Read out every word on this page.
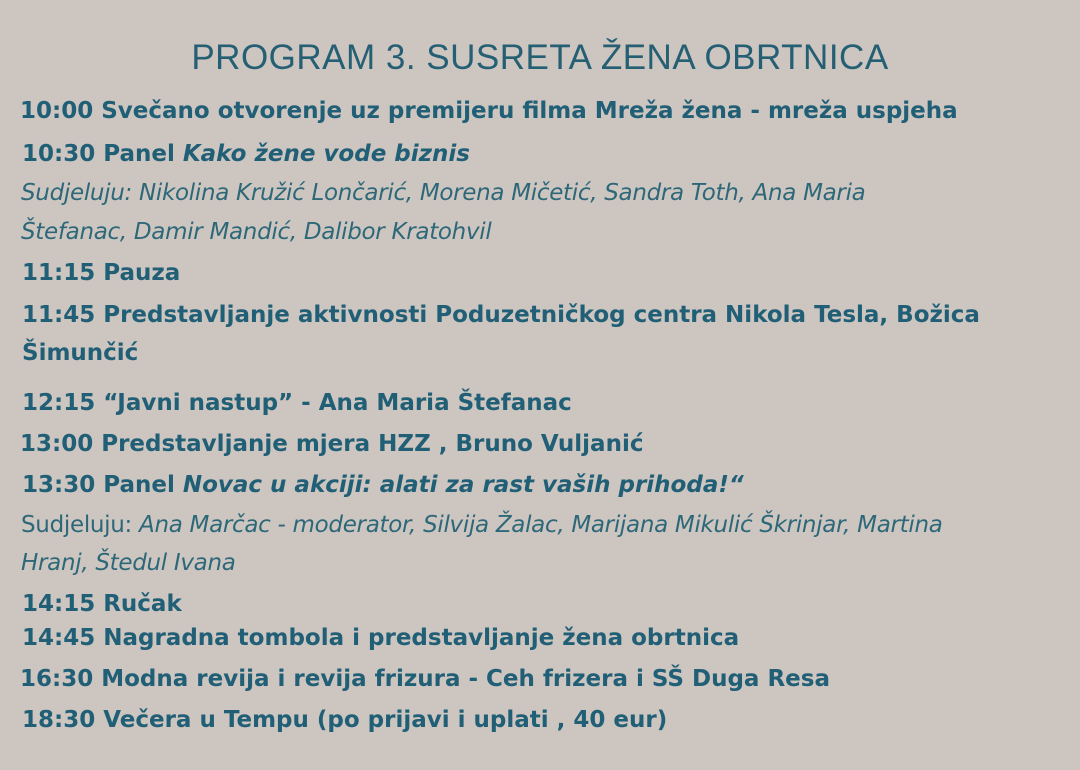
PROGRAM 3. SUSRETA ŽENA OBRTNICA
10:00 Svečano otvorenje uz premijeru filma Mreža žena - mreža uspjeha
10:30 Panel Kako žene vode biznis
Sudjeluju: Nikolina Kružić Lončarić, Morena Mičetić, Sandra Toth, Ana Maria
Štefanac, Damir Mandić, Dalibor Kratohvil
11:15 Pauza
11:45 Predstavljanje aktivnosti Poduzetničkog centra Nikola Tesla, Božica
Šimunčić
12:15 “Javni nastup” - Ana Maria Štefanac
13:00 Predstavljanje mjera HZZ , Bruno Vuljanić
13:30 Panel Novac u akciji: alati za rast vaših prihoda!“
Sudjeluju: Ana Marčac - moderator, Silvija Žalac, Marijana Mikulić Škrinjar, Martina
Hranj, Štedul Ivana
14:15 Ručak
14:45 Nagradna tombola i predstavljanje žena obrtnica
16:30 Modna revija i revija frizura - Ceh frizera i SŠ Duga Resa
18:30 Večera u Tempu (po prijavi i uplati , 40 eur)
